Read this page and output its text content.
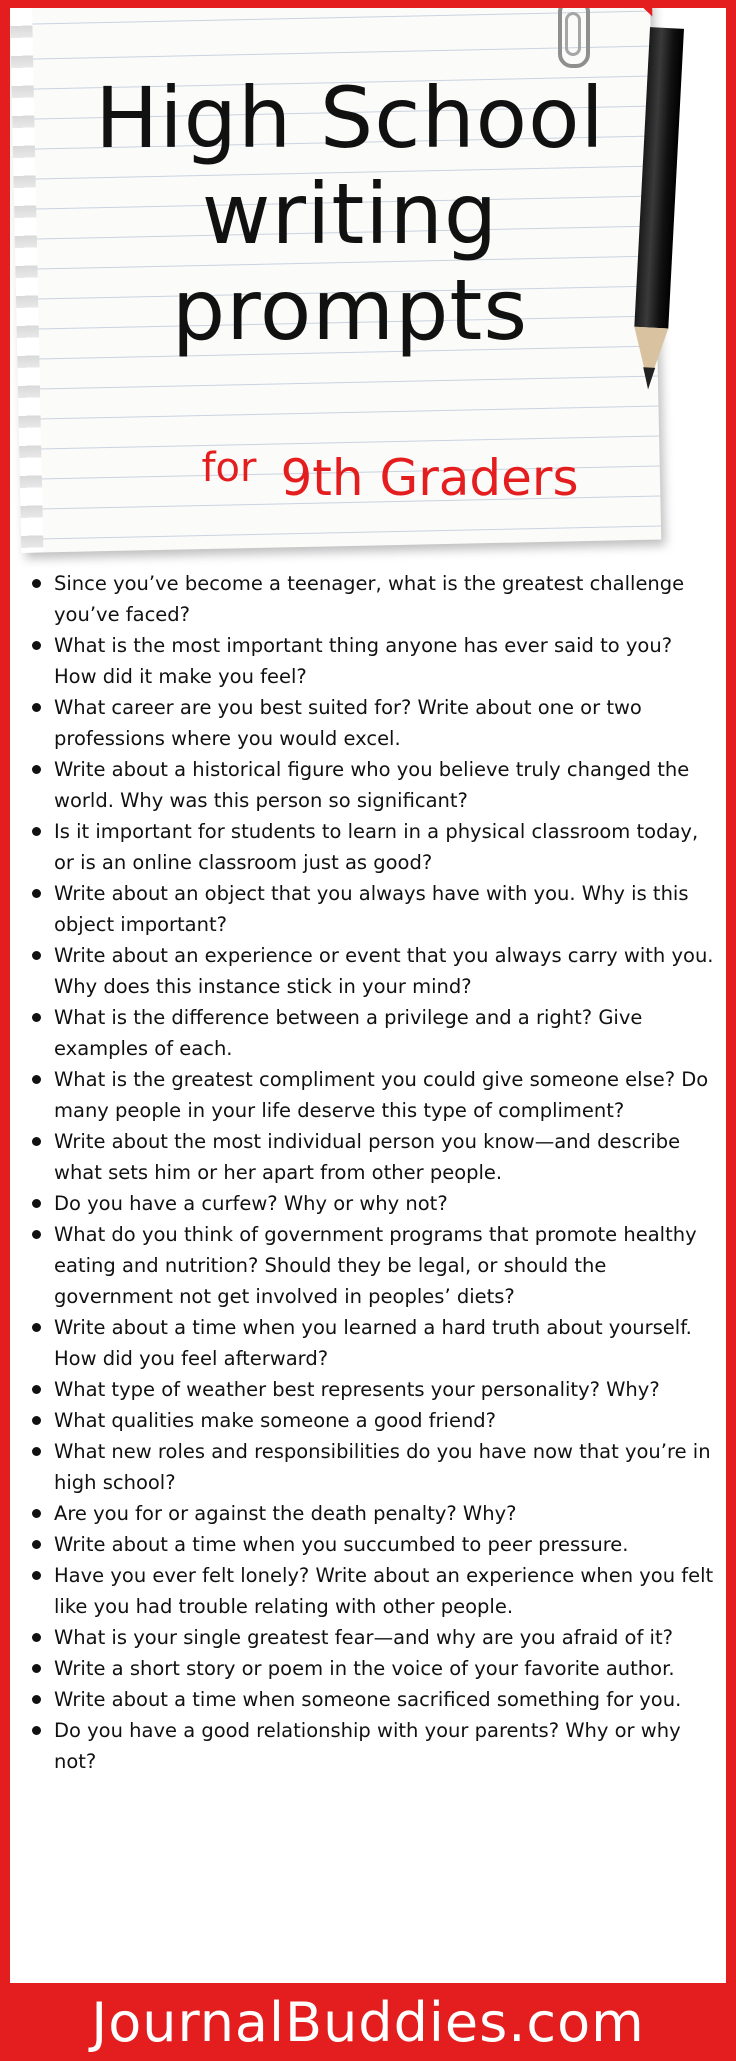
High School
writing
prompts
$^{for}$ 9th Graders
Since you’ve become a teenager, what is the greatest challenge you’ve faced?
What is the most important thing anyone has ever said to you? How did it make you feel?
What career are you best suited for? Write about one or two professions where you would excel.
Write about a historical figure who you believe truly changed the world. Why was this person so significant?
Is it important for students to learn in a physical classroom today, or is an online classroom just as good?
Write about an object that you always have with you. Why is this object important?
Write about an experience or event that you always carry with you. Why does this instance stick in your mind?
What is the difference between a privilege and a right? Give examples of each.
What is the greatest compliment you could give someone else? Do many people in your life deserve this type of compliment?
Write about the most individual person you know—and describe what sets him or her apart from other people.
Do you have a curfew? Why or why not?
What do you think of government programs that promote healthy eating and nutrition? Should they be legal, or should the government not get involved in peoples’ diets?
Write about a time when you learned a hard truth about yourself. How did you feel afterward?
What type of weather best represents your personality? Why?
What qualities make someone a good friend?
What new roles and responsibilities do you have now that you’re in high school?
Are you for or against the death penalty? Why?
Write about a time when you succumbed to peer pressure.
Have you ever felt lonely? Write about an experience when you felt like you had trouble relating with other people.
What is your single greatest fear—and why are you afraid of it?
Write a short story or poem in the voice of your favorite author.
Write about a time when someone sacrificed something for you.
Do you have a good relationship with your parents? Why or why not?
JournalBuddies.com
